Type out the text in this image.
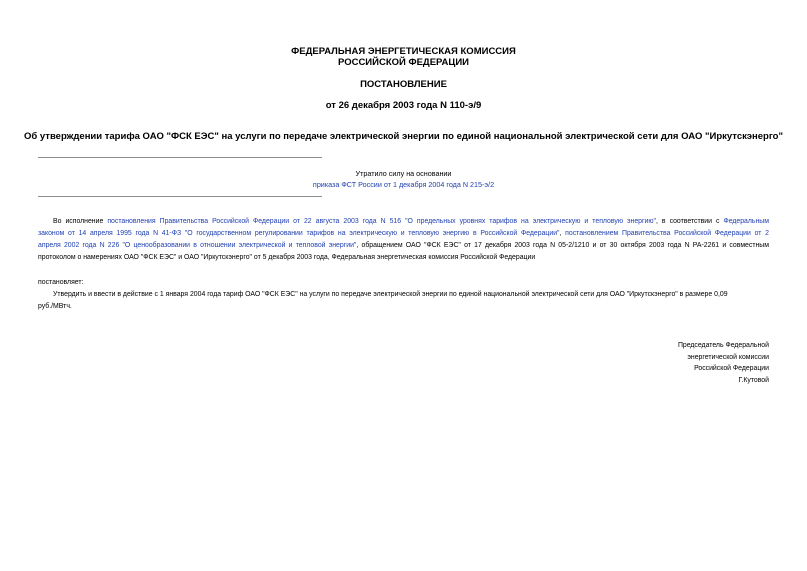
ФЕДЕРАЛЬНАЯ ЭНЕРГЕТИЧЕСКАЯ КОМИССИЯ
РОССИЙСКОЙ ФЕДЕРАЦИИ
ПОСТАНОВЛЕНИЕ
от 26 декабря 2003 года N 110-э/9
Об утверждении тарифа ОАО "ФСК ЕЭС" на услуги по передаче электрической энергии по единой национальной электрической сети для ОАО "Иркутскэнерго"
Утратило силу на основании
приказа ФСТ России от 1 декабря 2004 года N 215-э/2
Во исполнение постановления Правительства Российской Федерации от 22 августа 2003 года N 516 "О предельных уровнях тарифов на электрическую и тепловую энергию", в соответствии с Федеральным
законом от 14 апреля 1995 года N 41-ФЗ "О государственном регулировании тарифов на электрическую и тепловую энергию в Российской Федерации", постановлением Правительства Российской Федерации от 2
апреля 2002 года N 226 "О ценообразовании в отношении электрической и тепловой энергии", обращением ОАО "ФСК ЕЭС" от 17 декабря 2003 года N 05-2/1210 и от 30 октября 2003 года N РА-2261 и совместным
протоколом о намерениях ОАО "ФСК ЕЭС" и ОАО "Иркутскэнерго" от 5 декабря 2003 года, Федеральная энергетическая комиссия Российской Федерации
постановляет:
Утвердить и ввести в действие с 1 января 2004 года тариф ОАО "ФСК ЕЭС" на услуги по передаче электрической энергии по единой национальной электрической сети для ОАО "Иркутскэнерго" в размере 0,09
руб./МВтч.
Председатель Федеральной
энергетической комиссии
Российской Федерации
Г.Кутовой
